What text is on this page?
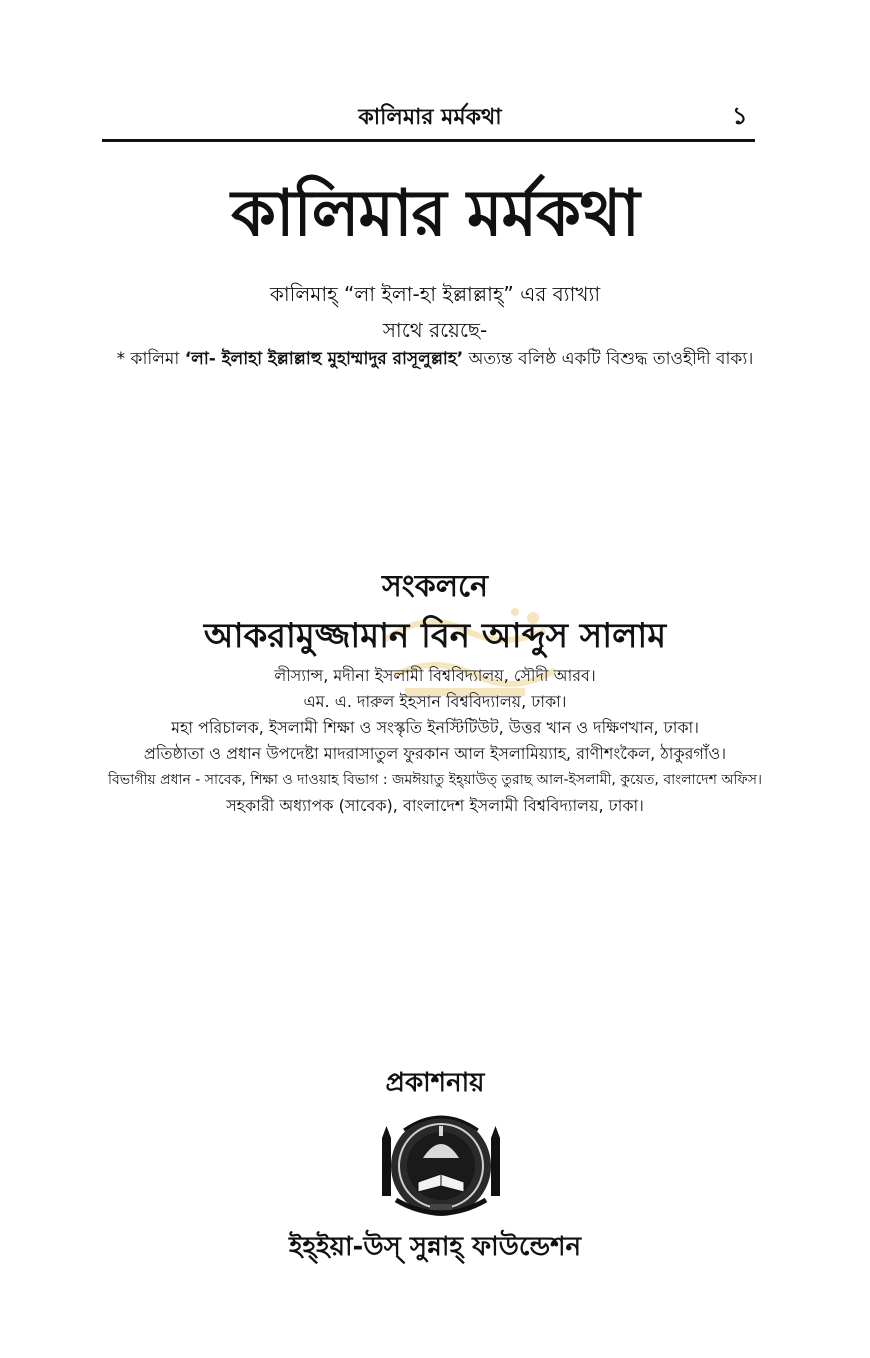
কালিমার মর্মকথা	১
কালিমার মর্মকথা
কালিমাহ্ “লা ইলা-হা ইল্লাল্লাহ্” এর ব্যাখ্যা
সাথে রয়েছে-
* কালিমা ‘লা- ইলাহা ইল্লাল্লাহু মুহাম্মাদুর রাসূলুল্লাহ’ অত্যন্ত বলিষ্ঠ একটি বিশুদ্ধ তাওহীদী বাক্য।
সংকলনে
আকরামুজ্জামান বিন আব্দুস সালাম
লীস্যান্স, মদীনা ইসলামী বিশ্ববিদ্যালয়, সৌদী আরব।
এম. এ. দারুল ইহসান বিশ্ববিদ্যালয়, ঢাকা।
মহা পরিচালক, ইসলামী শিক্ষা ও সংস্কৃতি ইনস্টিটিউট, উত্তর খান ও দক্ষিণখান, ঢাকা।
প্রতিষ্ঠাতা ও প্রধান উপদেষ্টা মাদরাসাতুল ফুরকান আল ইসলামিয়্যাহ, রাণীশংকৈল, ঠাকুরগাঁও।
বিভাগীয় প্রধান - সাবেক, শিক্ষা ও দাওয়াহ বিভাগ : জমঈয়াতু ইহ্‌য়াউত্ তুরাছ আল-ইসলামী, কুয়েত, বাংলাদেশ অফিস।
সহকারী অধ্যাপক (সাবেক), বাংলাদেশ ইসলামী বিশ্ববিদ্যালয়, ঢাকা।
প্রকাশনায়
ইহ্ইয়া-উস্ সুন্নাহ্ ফাউন্ডেশন
